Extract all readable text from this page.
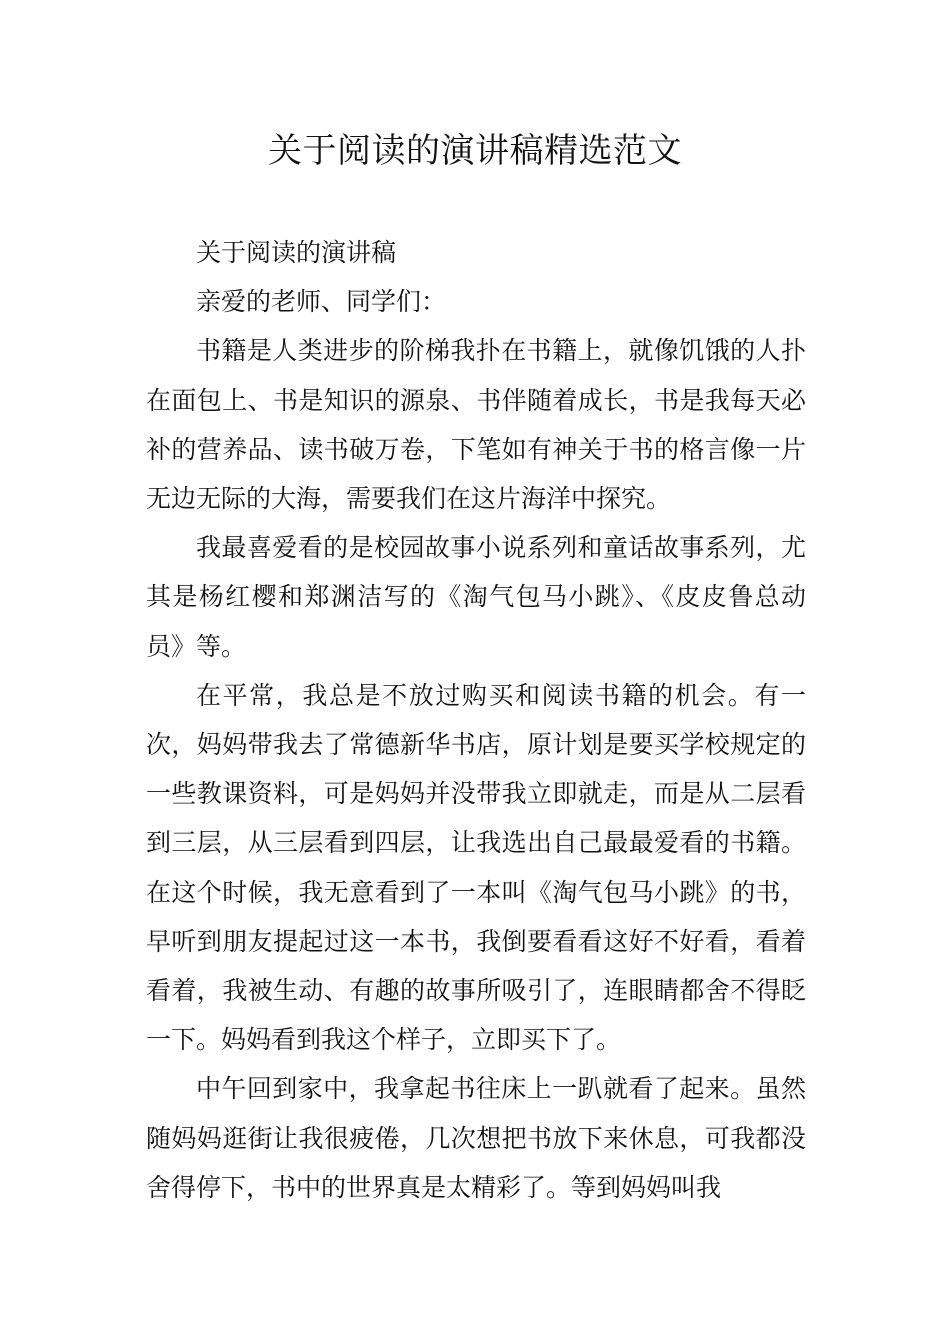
关于阅读的演讲稿精选范文

关于阅读的演讲稿

亲爱的老师、同学们：

书籍是人类进步的阶梯我扑在书籍上，就像饥饿的人扑在面包上、书是知识的源泉、书伴随着成长，书是我每天必补的营养品、读书破万卷，下笔如有神关于书的格言像一片无边无际的大海，需要我们在这片海洋中探究。

我最喜爱看的是校园故事小说系列和童话故事系列，尤其是杨红樱和郑渊洁写的《淘气包马小跳》、《皮皮鲁总动员》等。

在平常，我总是不放过购买和阅读书籍的机会。有一次，妈妈带我去了常德新华书店，原计划是要买学校规定的一些教课资料，可是妈妈并没带我立即就走，而是从二层看到三层，从三层看到四层，让我选出自己最最爱看的书籍。在这个时候，我无意看到了一本叫《淘气包马小跳》的书，早听到朋友提起过这一本书，我倒要看看这好不好看，看着看着，我被生动、有趣的故事所吸引了，连眼睛都舍不得眨一下。妈妈看到我这个样子，立即买下了。

中午回到家中，我拿起书往床上一趴就看了起来。虽然随妈妈逛街让我很疲倦，几次想把书放下来休息，可我都没舍得停下，书中的世界真是太精彩了。等到妈妈叫我
